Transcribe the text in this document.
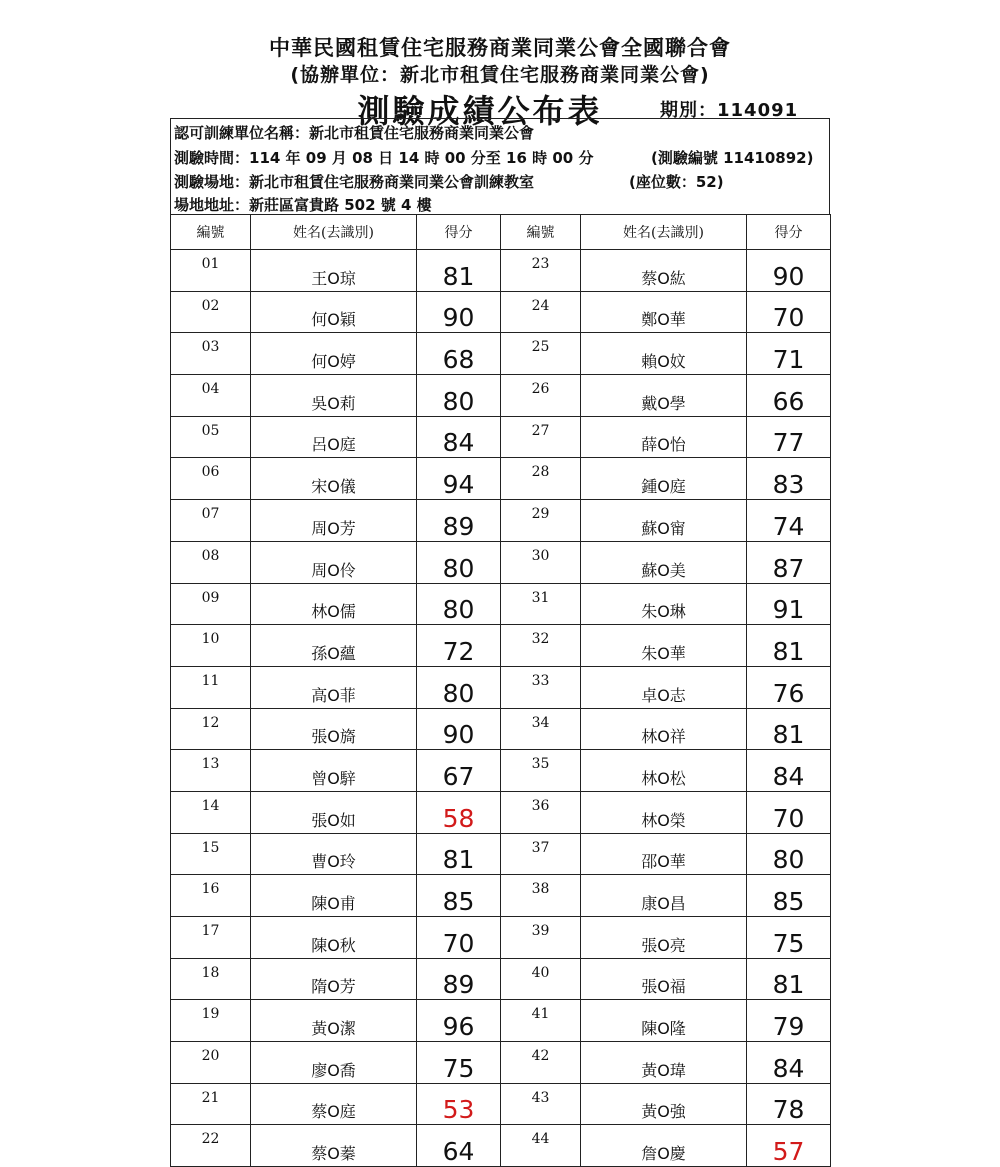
中華民國租賃住宅服務商業同業公會全國聯合會
(協辦單位：新北市租賃住宅服務商業同業公會)
測驗成績公布表	期別：114091
認可訓練單位名稱：新北市租賃住宅服務商業同業公會
測驗時間：114 年 09 月 08 日 14 時 00 分至 16 時 00 分	(測驗編號 11410892)
測驗場地：新北市租賃住宅服務商業同業公會訓練教室	(座位數：52)
場地地址：新莊區富貴路 502 號 4 樓
編號	姓名(去識別)	得分	編號	姓名(去識別)	得分
01	王O琼	81	23	蔡O紘	90
02	何O穎	90	24	鄭O華	70
03	何O婷	68	25	賴O妏	71
04	吳O莉	80	26	戴O學	66
05	呂O庭	84	27	薛O怡	77
06	宋O儀	94	28	鍾O庭	83
07	周O芳	89	29	蘇O甯	74
08	周O伶	80	30	蘇O美	87
09	林O儒	80	31	朱O琳	91
10	孫O蘊	72	32	朱O華	81
11	高O菲	80	33	卓O志	76
12	張O旖	90	34	林O祥	81
13	曾O騂	67	35	林O松	84
14	張O如	58	36	林O榮	70
15	曹O玲	81	37	邵O華	80
16	陳O甫	85	38	康O昌	85
17	陳O秋	70	39	張O亮	75
18	隋O芳	89	40	張O福	81
19	黃O潔	96	41	陳O隆	79
20	廖O喬	75	42	黃O瑋	84
21	蔡O庭	53	43	黃O強	78
22	蔡O蓁	64	44	詹O慶	57
